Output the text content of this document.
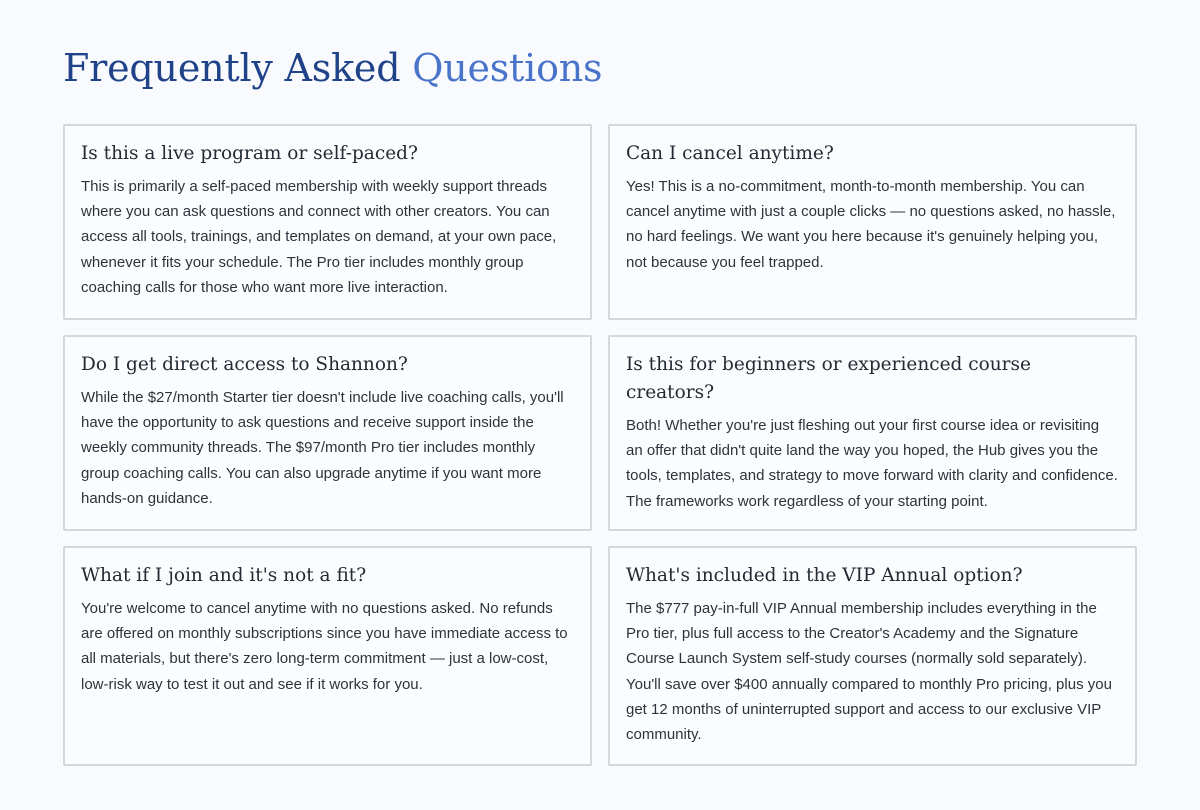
Frequently Asked Questions
Is this a live program or self-paced?

This is primarily a self-paced membership with weekly support threads where you can ask questions and connect with other creators. You can access all tools, trainings, and templates on demand, at your own pace, whenever it fits your schedule. The Pro tier includes monthly group coaching calls for those who want more live interaction.

Can I cancel anytime?

Yes! This is a no-commitment, month-to-month membership. You can cancel anytime with just a couple clicks — no questions asked, no hassle, no hard feelings. We want you here because it's genuinely helping you, not because you feel trapped.

Do I get direct access to Shannon?

While the $27/month Starter tier doesn't include live coaching calls, you'll have the opportunity to ask questions and receive support inside the weekly community threads. The $97/month Pro tier includes monthly group coaching calls. You can also upgrade anytime if you want more hands-on guidance.

Is this for beginners or experienced course creators?

Both! Whether you're just fleshing out your first course idea or revisiting an offer that didn't quite land the way you hoped, the Hub gives you the tools, templates, and strategy to move forward with clarity and confidence. The frameworks work regardless of your starting point.

What if I join and it's not a fit?

You're welcome to cancel anytime with no questions asked. No refunds are offered on monthly subscriptions since you have immediate access to all materials, but there's zero long-term commitment — just a low-cost, low-risk way to test it out and see if it works for you.

What's included in the VIP Annual option?

The $777 pay-in-full VIP Annual membership includes everything in the Pro tier, plus full access to the Creator's Academy and the Signature Course Launch System self-study courses (normally sold separately). You'll save over $400 annually compared to monthly Pro pricing, plus you get 12 months of uninterrupted support and access to our exclusive VIP community.
